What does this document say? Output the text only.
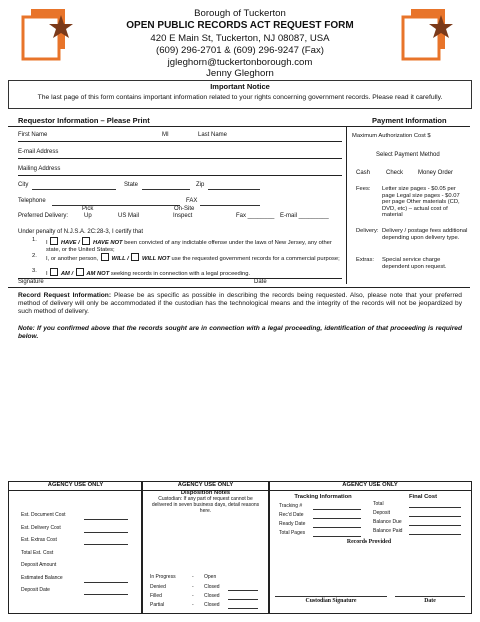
Borough of Tuckerton
OPEN PUBLIC RECORDS ACT REQUEST FORM
420 E Main St, Tuckerton, NJ 08087, USA
(609) 296-2701 & (609) 296-9247 (Fax)
jgleghorn@tuckertonborough.com
Jenny Gleghorn
Important Notice
The last page of this form contains important information related to your rights concerning government records. Please read it carefully.
Requestor Information – Please Print	Payment Information
First Name	MI	Last Name
E-mail Address
Mailing Address
City	State	Zip
Telephone	FAX
Pick	On-Site
Preferred Delivery:	Up	US Mail	Inspect	Fax ________ E-mail _________
Under penalty of N.J.S.A. 2C:28-3, I certify that
1. I HAVE / HAVE NOT been convicted of any indictable offense under the laws of New Jersey, any other state, or the United States;
2. I, or another person, WILL / WILL NOT use the requested government records for a commercial purpose;
3. I AM / AM NOT seeking records in connection with a legal proceeding.
Signature	Date
Maximum Authorization Cost $
Select Payment Method
Cash	Check Money Order
Fees: Letter size pages - $0.05 per page Legal size pages - $0.07 per page Other materials (CD, DVD, etc) – actual cost of material
Delivery: Delivery / postage fees additional depending upon delivery type.
Extras: Special service charge dependent upon request.
Record Request Information: Please be as specific as possible in describing the records being requested. Also, please note that your preferred method of delivery will only be accommodated if the custodian has the technological means and the integrity of the records will not be jeopardized by such method of delivery.
Note: If you confirmed above that the records sought are in connection with a legal proceeding, identification of that proceeding is required below.
AGENCY USE ONLY
Est. Document Cost
Est. Delivery Cost
Est. Extras Cost
Total Est. Cost
Deposit Amount
Estimated Balance
Deposit Date
AGENCY USE ONLY
Disposition Notes
Custodian: If any part of request cannot be delivered in seven business days, detail reasons here.
In Progress	- Open
Denied	- Closed
Filled	- Closed
Partial	- Closed
AGENCY USE ONLY
Tracking Information	Final Cost
Tracking #
Rec'd Date
Ready Date
Total Pages
Total
Deposit
Balance Due
Balance Paid
Records Provided
Custodian Signature	Date
